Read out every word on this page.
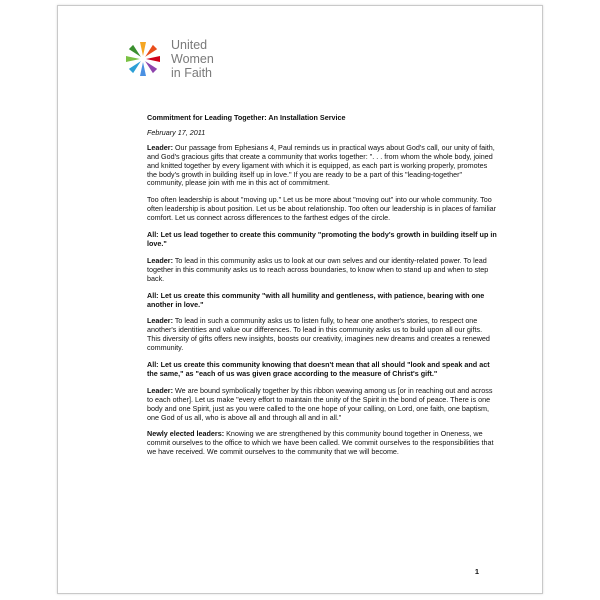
United
Women
in Faith

Commitment for Leading Together: An Installation Service

February 17, 2011

Leader: Our passage from Ephesians 4, Paul reminds us in practical ways about God's call, our unity of faith, and God's gracious gifts that create a community that works together: ". . . from whom the whole body, joined and knitted together by every ligament with which it is equipped, as each part is working properly, promotes the body's growth in building itself up in love." If you are ready to be a part of this "leading-together" community, please join with me in this act of commitment.

Too often leadership is about "moving up." Let us be more about "moving out" into our whole community. Too often leadership is about position. Let us be about relationship. Too often our leadership is in places of familiar comfort. Let us connect across differences to the farthest edges of the circle.

All: Let us lead together to create this community "promoting the body's growth in building itself up in love."

Leader: To lead in this community asks us to look at our own selves and our identity-related power. To lead together in this community asks us to reach across boundaries, to know when to stand up and when to step back.

All: Let us create this community "with all humility and gentleness, with patience, bearing with one another in love."

Leader: To lead in such a community asks us to listen fully, to hear one another's stories, to respect one another's identities and value our differences. To lead in this community asks us to build upon all our gifts. This diversity of gifts offers new insights, boosts our creativity, imagines new dreams and creates a renewed community.

All: Let us create this community knowing that doesn't mean that all should "look and speak and act the same," as "each of us was given grace according to the measure of Christ's gift."

Leader: We are bound symbolically together by this ribbon weaving among us [or in reaching out and across to each other]. Let us make "every effort to maintain the unity of the Spirit in the bond of peace. There is one body and one Spirit, just as you were called to the one hope of your calling, on Lord, one faith, one baptism, one God of us all, who is above all and through all and in all."

Newly elected leaders: Knowing we are strengthened by this community bound together in Oneness, we commit ourselves to the office to which we have been called. We commit ourselves to the responsibilities that we have received. We commit ourselves to the community that we will become.

1
